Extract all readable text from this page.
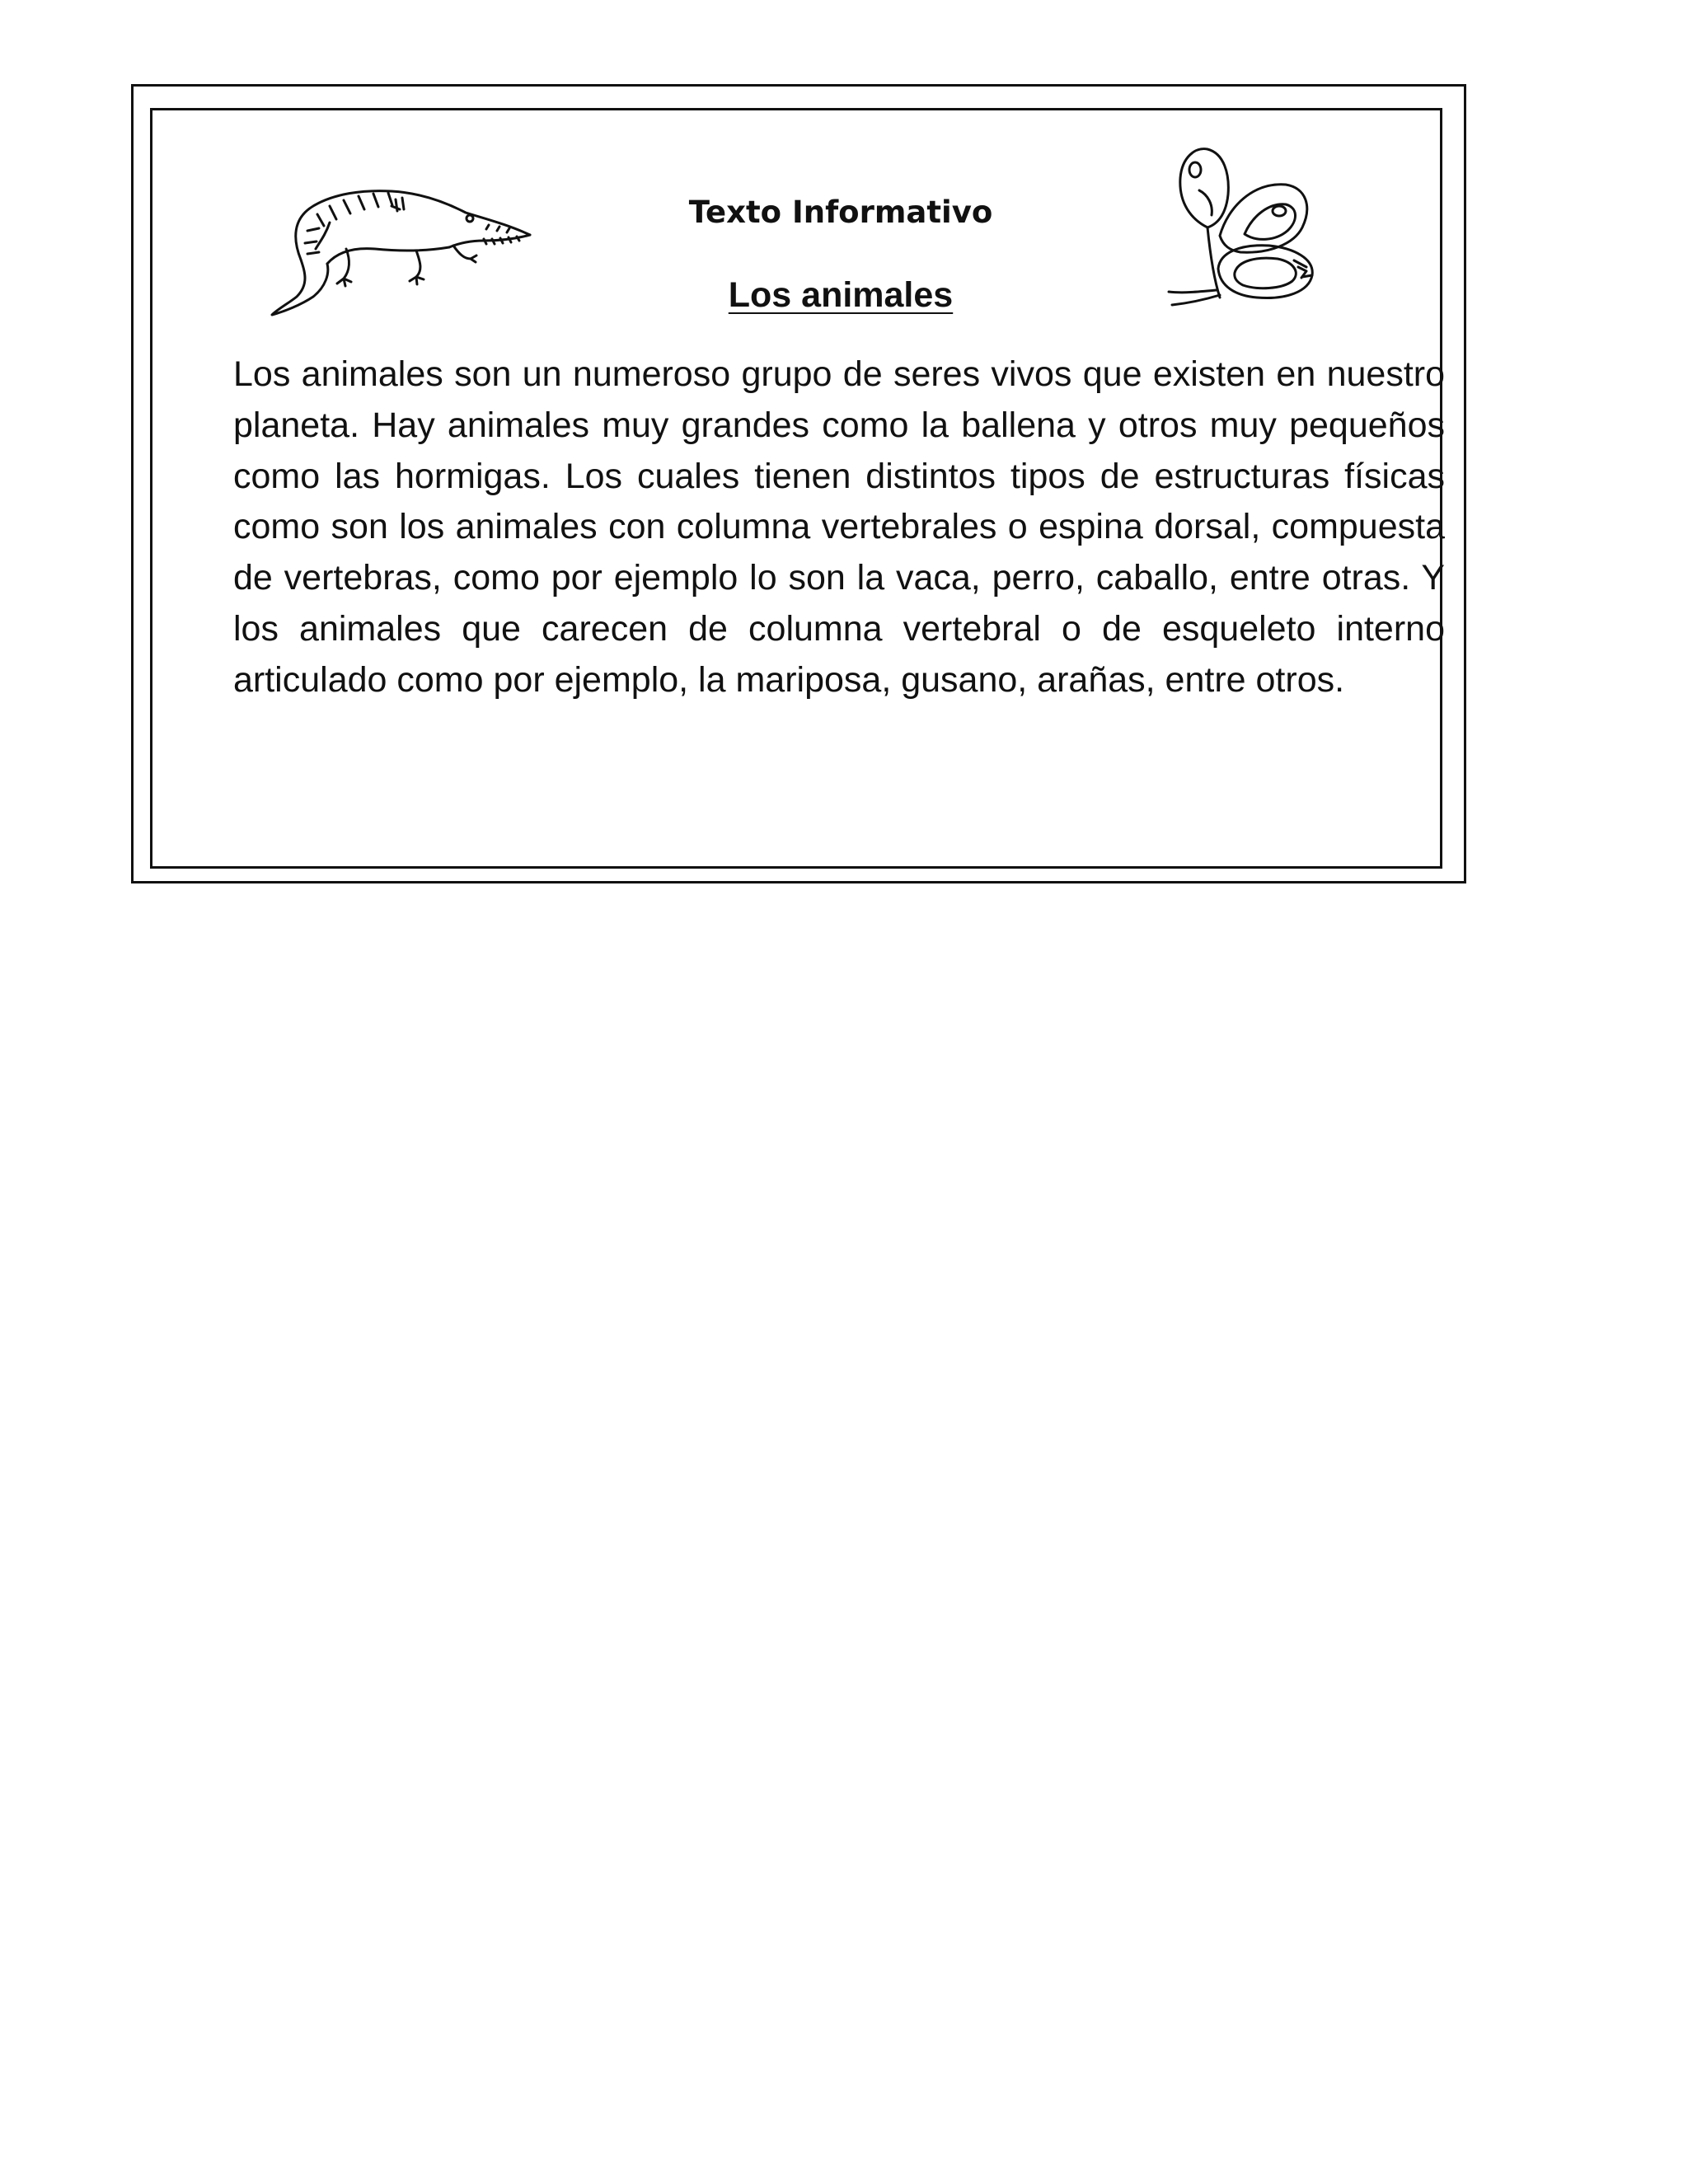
Texto Informativo
Los animales

Los animales son un numeroso grupo de seres vivos que existen en nuestro planeta. Hay animales muy grandes como la ballena y otros muy pequeños como las hormigas. Los cuales tienen distintos tipos de estructuras físicas como son los animales con columna vertebrales o espina dorsal, compuesta de vertebras, como por ejemplo lo son la vaca, perro, caballo, entre otras. Y los animales que carecen de columna vertebral o de esqueleto interno articulado como por ejemplo, la mariposa, gusano, arañas, entre otros.
